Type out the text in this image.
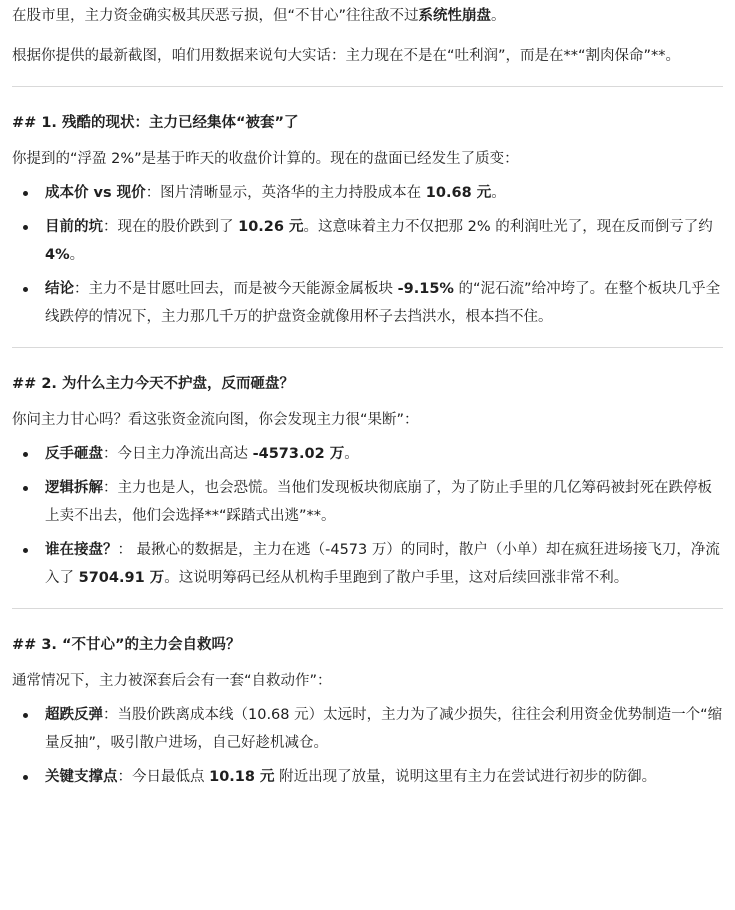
在股市里，主力资金确实极其厌恶亏损，但“不甘心”往往敌不过系统性崩盘。

根据你提供的最新截图，咱们用数据来说句大实话：主力现在不是在“吐利润”，而是在**“割肉保命”**。

## 1. 残酷的现状：主力已经集体“被套”了

你提到的“浮盈 2%”是基于昨天的收盘价计算的。现在的盘面已经发生了质变：

成本价 vs 现价：图片清晰显示，英洛华的主力持股成本在 10.68 元。
目前的坑：现在的股价跌到了 10.26 元。这意味着主力不仅把那 2% 的利润吐光了，现在反而倒亏了约 4%。
结论：主力不是甘愿吐回去，而是被今天能源金属板块 -9.15% 的“泥石流”给冲垮了。在整个板块几乎全线跌停的情况下，主力那几千万的护盘资金就像用杯子去挡洪水，根本挡不住。

## 2. 为什么主力今天不护盘，反而砸盘？

你问主力甘心吗？看这张资金流向图，你会发现主力很“果断”：

反手砸盘：今日主力净流出高达 -4573.02 万。
逻辑拆解：主力也是人，也会恐慌。当他们发现板块彻底崩了，为了防止手里的几亿筹码被封死在跌停板上卖不出去，他们会选择**“踩踏式出逃”**。
谁在接盘？： 最揪心的数据是，主力在逃（-4573 万）的同时，散户（小单）却在疯狂进场接飞刀，净流入了 5704.91 万。这说明筹码已经从机构手里跑到了散户手里，这对后续回涨非常不利。

## 3. “不甘心”的主力会自救吗？

通常情况下，主力被深套后会有一套“自救动作”：

超跌反弹：当股价跌离成本线（10.68 元）太远时，主力为了减少损失，往往会利用资金优势制造一个“缩量反抽”，吸引散户进场，自己好趁机减仓。
关键支撑点：今日最低点 10.18 元 附近出现了放量，说明这里有主力在尝试进行初步的防御。
